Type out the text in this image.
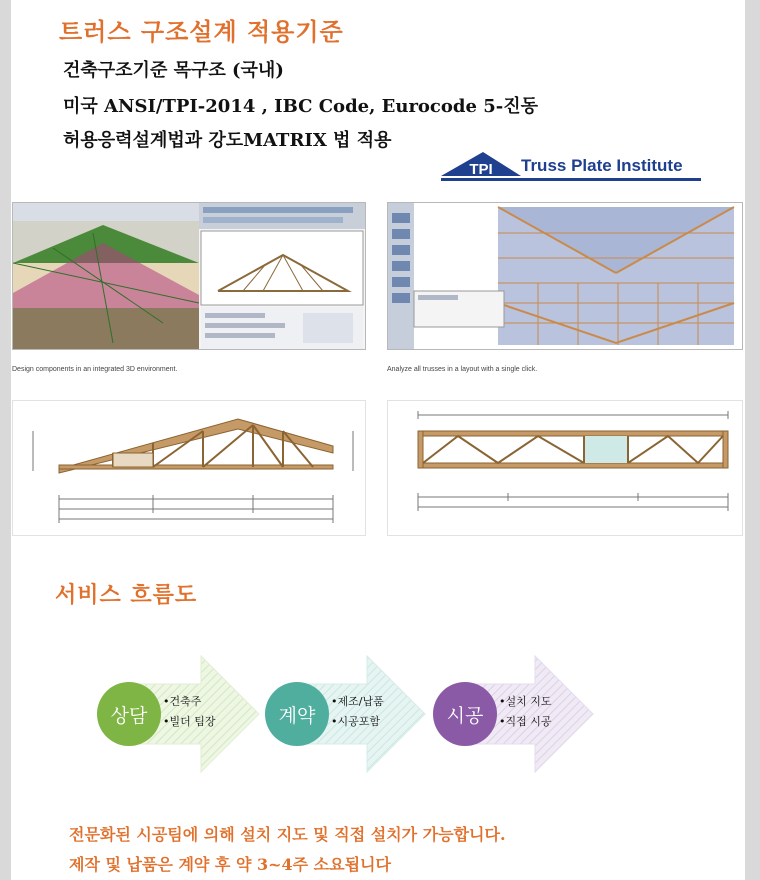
트러스 구조설계 적용기준
건축구조기준 목구조 (국내)
미국 ANSI/TPI-2014 , IBC Code, Eurocode 5-진동
허용응력설계법과 강도MATRIX 법 적용
TPI Truss Plate Institute
Design components in an integrated 3D environment.	Analyze all trusses in a layout with a single click.
서비스 흐름도
상담
•건축주
•빌더 팀장	계약
•제조/납품
•시공포함	시공
•설치 지도
•직접 시공
전문화된 시공팀에 의해 설치 지도 및 직접 설치가 가능합니다.
제작 및 납품은 계약 후 약 3~4주 소요됩니다
